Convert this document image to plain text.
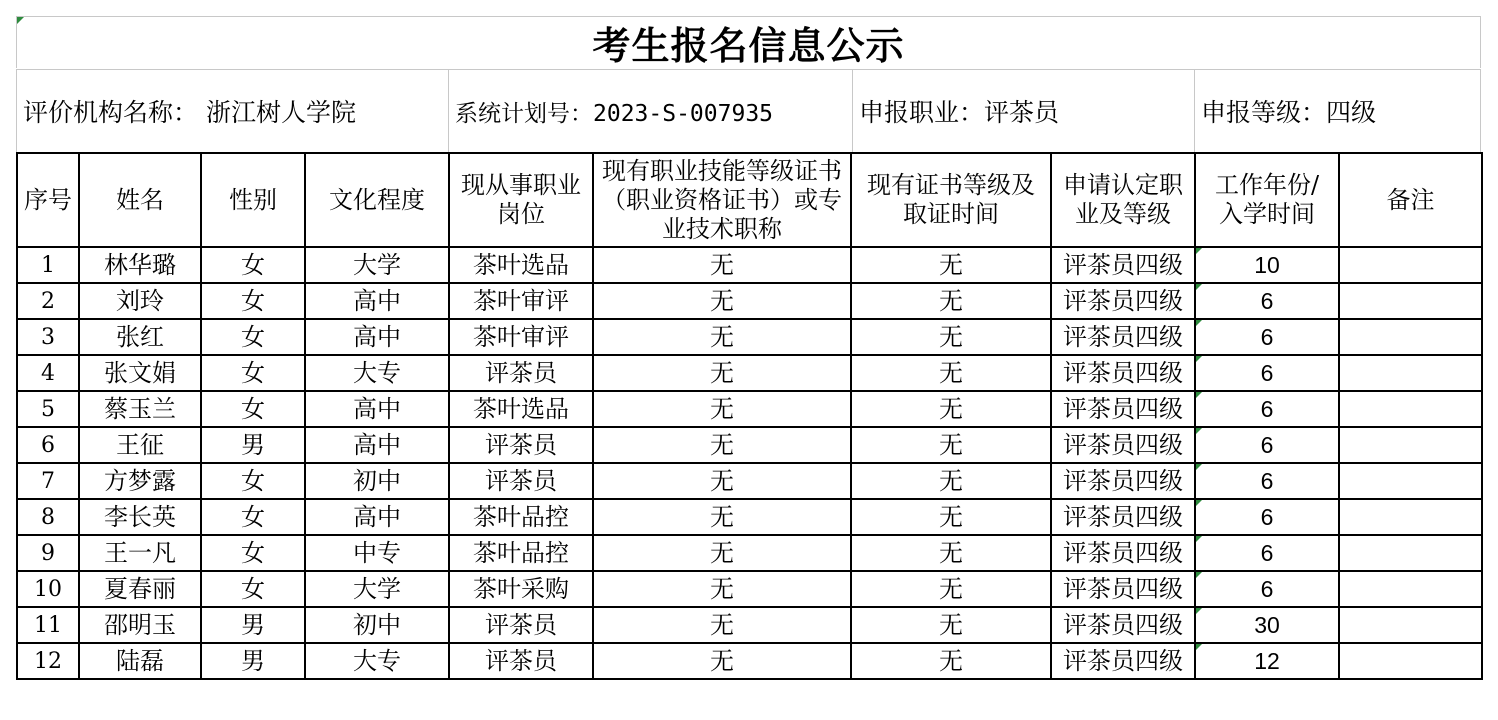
考生报名信息公示
评价机构名称： 浙江树人学院	系统计划号：2023-S-007935	申报职业：评茶员	申报等级：四级
序号	姓名	性别	文化程度	现从事职业岗位	现有职业技能等级证书（职业资格证书）或专业技术职称	现有证书等级及取证时间	申请认定职业及等级	工作年份/入学时间	备注
1	林华璐	女	大学	茶叶选品	无	无	评茶员四级	10

2	刘玲	女	高中	茶叶审评	无	无	评茶员四级	6

3	张红	女	高中	茶叶审评	无	无	评茶员四级	6

4	张文娟	女	大专	评茶员	无	无	评茶员四级	6

5	蔡玉兰	女	高中	茶叶选品	无	无	评茶员四级	6

6	王征	男	高中	评茶员	无	无	评茶员四级	6

7	方梦露	女	初中	评茶员	无	无	评茶员四级	6

8	李长英	女	高中	茶叶品控	无	无	评茶员四级	6

9	王一凡	女	中专	茶叶品控	无	无	评茶员四级	6

10	夏春丽	女	大学	茶叶采购	无	无	评茶员四级	6

11	邵明玉	男	初中	评茶员	无	无	评茶员四级	30

12	陆磊	男	大专	评茶员	无	无	评茶员四级	12
